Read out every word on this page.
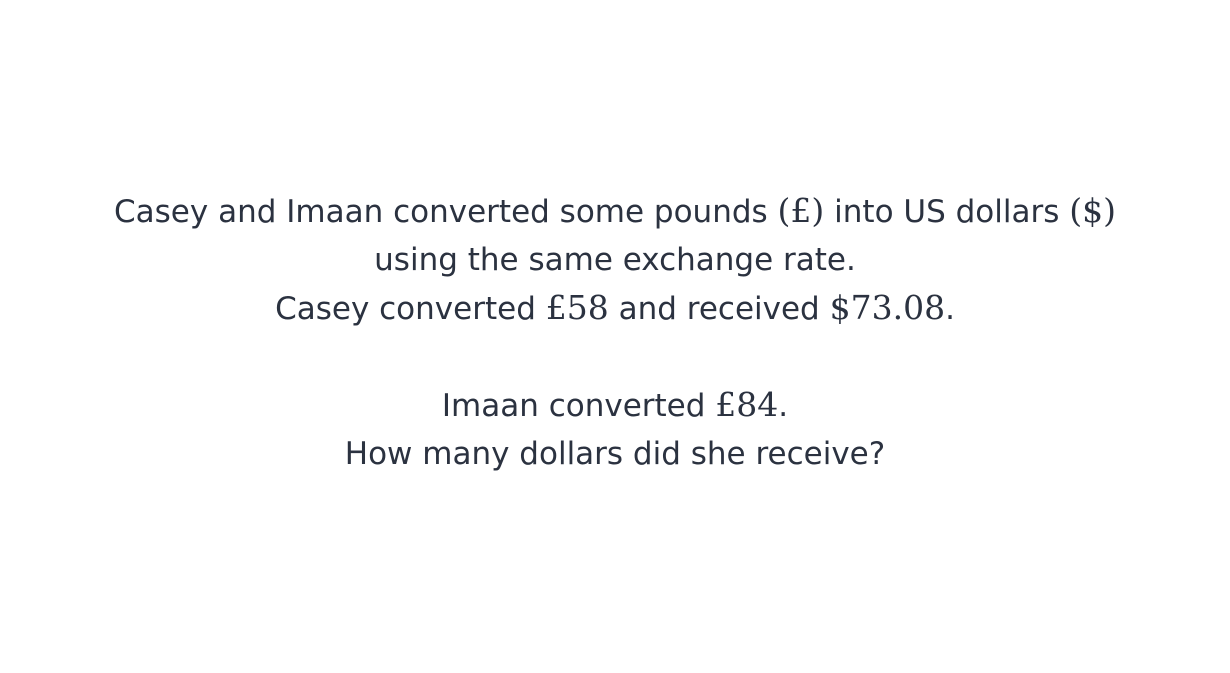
Casey and Imaan converted some pounds (£) into US dollars ($)
using the same exchange rate.
Casey converted £58 and received $73.08.
Imaan converted £84.
How many dollars did she receive?
